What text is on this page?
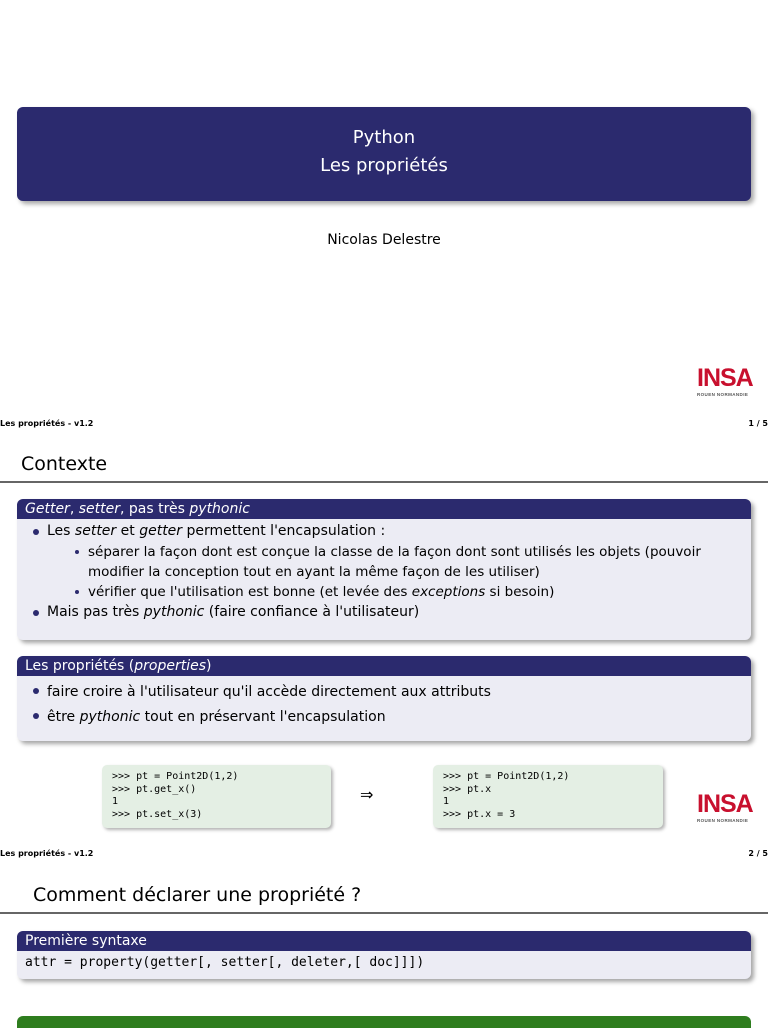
Python
Les propriétés
Nicolas Delestre
INSA
ROUEN NORMANDIE
Les propriétés - v1.2	1 / 5
Contexte
Getter, setter, pas très pythonic
Les setter et getter permettent l'encapsulation :
séparer la façon dont est conçue la classe de la façon dont sont utilisés les objets (pouvoir
modifier la conception tout en ayant la même façon de les utiliser)
vérifier que l'utilisation est bonne (et levée des exceptions si besoin)
Mais pas très pythonic (faire confiance à l'utilisateur)
Les propriétés (properties)
faire croire à l'utilisateur qu'il accède directement aux attributs
être pythonic tout en préservant l'encapsulation
>>> pt = Point2D(1,2)
>>> pt.get_x()
1
>>> pt.set_x(3)
⇒
>>> pt = Point2D(1,2)
>>> pt.x
1
>>> pt.x = 3	INSA
ROUEN NORMANDIE
Les propriétés - v1.2	2 / 5
Comment déclarer une propriété ?
Première syntaxe
attr = property(getter[, setter[, deleter,[ doc]]])
